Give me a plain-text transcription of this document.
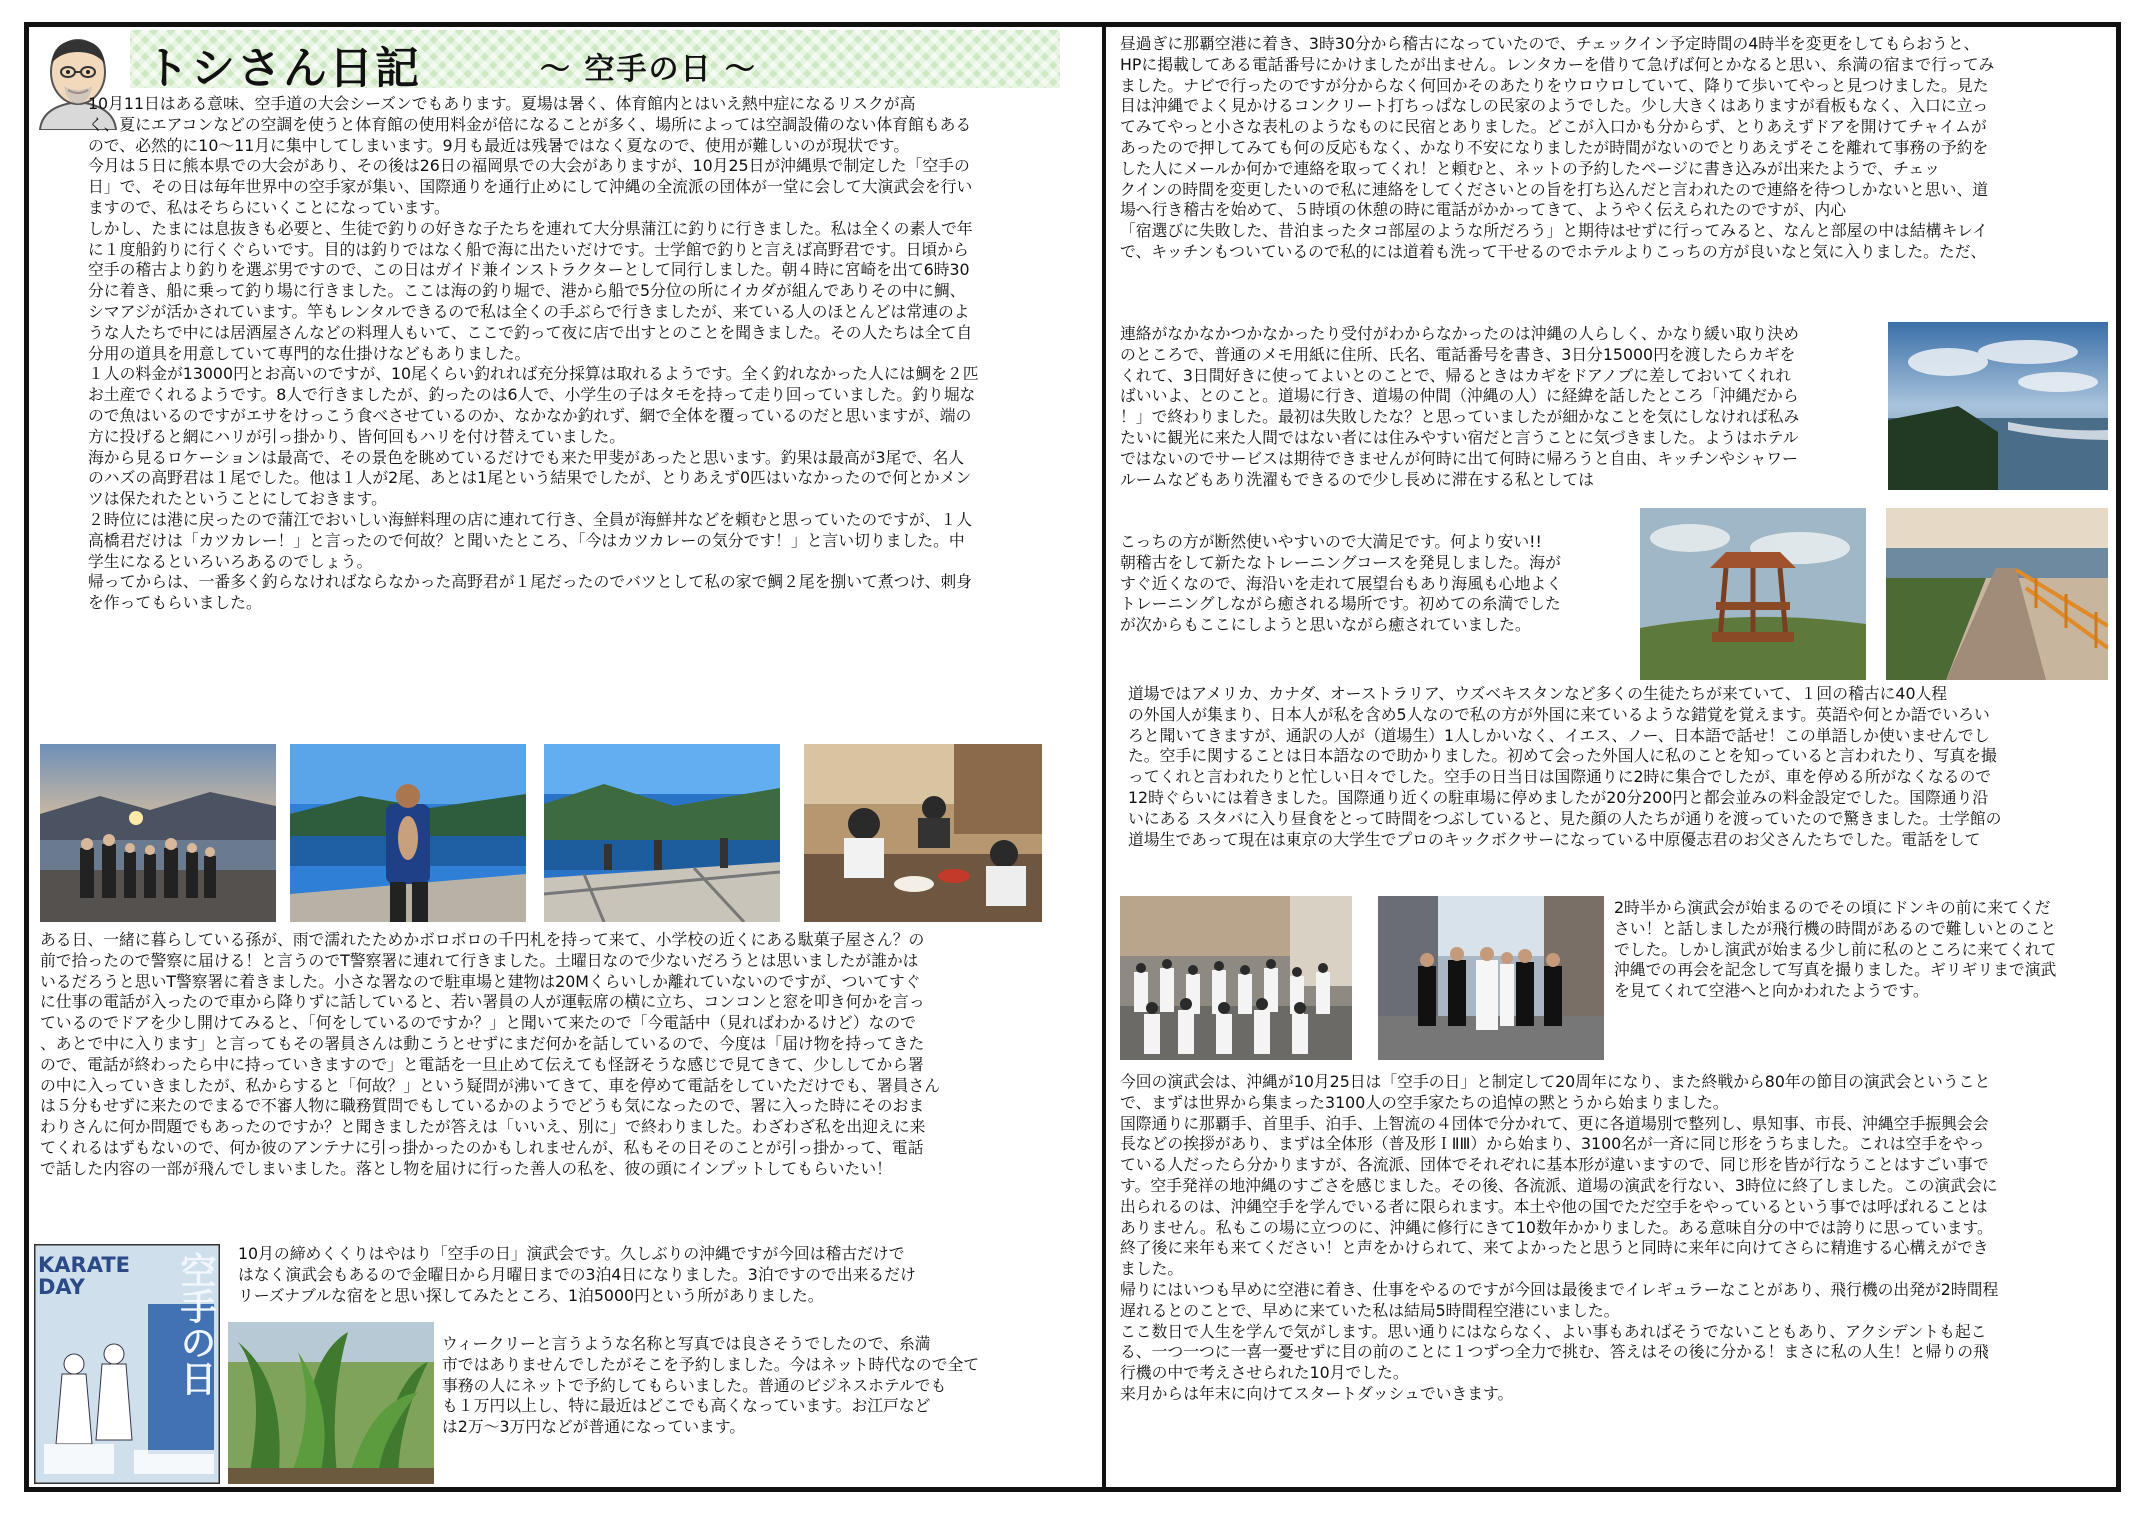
トシさん日記	～ 空手の日 ～
10月11日はある意味、空手道の大会シーズンでもあります。夏場は暑く、体育館内とはいえ熱中症になるリスクが高
く、夏にエアコンなどの空調を使うと体育館の使用料金が倍になることが多く、場所によっては空調設備のない体育館もある
ので、必然的に10～11月に集中してしまいます。9月も最近は残暑ではなく夏なので、使用が難しいのが現状です。
今月は５日に熊本県での大会があり、その後は26日の福岡県での大会がありますが、10月25日が沖縄県で制定した「空手の
日」で、その日は毎年世界中の空手家が集い、国際通りを通行止めにして沖縄の全流派の団体が一堂に会して大演武会を行い
ますので、私はそちらにいくことになっています。
しかし、たまには息抜きも必要と、生徒で釣りの好きな子たちを連れて大分県蒲江に釣りに行きました。私は全くの素人で年
に１度船釣りに行くぐらいです。目的は釣りではなく船で海に出たいだけです。士学館で釣りと言えば高野君です。日頃から
空手の稽古より釣りを選ぶ男ですので、この日はガイド兼インストラクターとして同行しました。朝４時に宮崎を出て6時30
分に着き、船に乗って釣り場に行きました。ここは海の釣り堀で、港から船で5分位の所にイカダが組んでありその中に鯛、
シマアジが活かされています。竿もレンタルできるので私は全くの手ぶらで行きましたが、来ている人のほとんどは常連のよ
うな人たちで中には居酒屋さんなどの料理人もいて、ここで釣って夜に店で出すとのことを聞きました。その人たちは全て自
分用の道具を用意していて専門的な仕掛けなどもありました。
１人の料金が13000円とお高いのですが、10尾くらい釣れれば充分採算は取れるようです。全く釣れなかった人には鯛を２匹
お土産でくれるようです。8人で行きましたが、釣ったのは6人で、小学生の子はタモを持って走り回っていました。釣り堀な
ので魚はいるのですがエサをけっこう食べさせているのか、なかなか釣れず、網で全体を覆っているのだと思いますが、端の
方に投げると網にハリが引っ掛かり、皆何回もハリを付け替えていました。
海から見るロケーションは最高で、その景色を眺めているだけでも来た甲斐があったと思います。釣果は最高が3尾で、名人
のハズの高野君は１尾でした。他は１人が2尾、あとは1尾という結果でしたが、とりあえず0匹はいなかったので何とかメン
ツは保たれたということにしておきます。
２時位には港に戻ったので蒲江でおいしい海鮮料理の店に連れて行き、全員が海鮮丼などを頼むと思っていたのですが、１人
高橋君だけは「カツカレー！」と言ったので何故？と聞いたところ、「今はカツカレーの気分です！」と言い切りました。中
学生になるといろいろあるのでしょう。
帰ってからは、一番多く釣らなければならなかった高野君が１尾だったのでバツとして私の家で鯛２尾を捌いて煮つけ、刺身
を作ってもらいました。
ある日、一緒に暮らしている孫が、雨で濡れたためかボロボロの千円札を持って来て、小学校の近くにある駄菓子屋さん？の
前で拾ったので警察に届ける！と言うのでT警察署に連れて行きました。土曜日なので少ないだろうとは思いましたが誰かは
いるだろうと思いT警察署に着きました。小さな署なので駐車場と建物は20Mくらいしか離れていないのですが、ついてすぐ
に仕事の電話が入ったので車から降りずに話していると、若い署員の人が運転席の横に立ち、コンコンと窓を叩き何かを言っ
ているのでドアを少し開けてみると、「何をしているのですか？」と聞いて来たので「今電話中（見ればわかるけど）なので
、あとで中に入ります」と言ってもその署員さんは動こうとせずにまだ何かを話しているので、今度は「届け物を持ってきた
ので、電話が終わったら中に持っていきますので」と電話を一旦止めて伝えても怪訝そうな感じで見てきて、少ししてから署
の中に入っていきましたが、私からすると「何故？」という疑問が沸いてきて、車を停めて電話をしていただけでも、署員さん
は５分もせずに来たのでまるで不審人物に職務質問でもしているかのようでどうも気になったので、署に入った時にそのおま
わりさんに何か問題でもあったのですか？と聞きましたが答えは「いいえ、別に」で終わりました。わざわざ私を出迎えに来
てくれるはずもないので、何か彼のアンテナに引っ掛かったのかもしれませんが、私もその日そのことが引っ掛かって、電話
で話した内容の一部が飛んでしまいました。落とし物を届けに行った善人の私を、彼の頭にインプットしてもらいたい！
KARATE DAY	空手の日 10月の締めくくりはやはり「空手の日」演武会です。久しぶりの沖縄ですが今回は稽古だけで
はなく演武会もあるので金曜日から月曜日までの3泊4日になりました。3泊ですので出来るだけ
リーズナブルな宿をと思い探してみたところ、1泊5000円という所がありました。
ウィークリーと言うような名称と写真では良さそうでしたので、糸満
市ではありませんでしたがそこを予約しました。今はネット時代なので全て
事務の人にネットで予約してもらいました。普通のビジネスホテルでも
も１万円以上し、特に最近はどこでも高くなっています。お江戸など
は2万～3万円などが普通になっています。
昼過ぎに那覇空港に着き、3時30分から稽古になっていたので、チェックイン予定時間の4時半を変更をしてもらおうと、
HPに掲載してある電話番号にかけましたが出ません。レンタカーを借りて急げば何とかなると思い、糸満の宿まで行ってみ
ました。ナビで行ったのですが分からなく何回かそのあたりをウロウロしていて、降りて歩いてやっと見つけました。見た
目は沖縄でよく見かけるコンクリート打ちっぱなしの民家のようでした。少し大きくはありますが看板もなく、入口に立っ
てみてやっと小さな表札のようなものに民宿とありました。どこが入口かも分からず、とりあえずドアを開けてチャイムが
あったので押してみても何の反応もなく、かなり不安になりましたが時間がないのでとりあえずそこを離れて事務の予約を
した人にメールか何かで連絡を取ってくれ！と頼むと、ネットの予約したページに書き込みが出来たようで、チェッ
クインの時間を変更したいので私に連絡をしてくださいとの旨を打ち込んだと言われたので連絡を待つしかないと思い、道
場へ行き稽古を始めて、５時頃の休憩の時に電話がかかってきて、ようやく伝えられたのですが、内心
「宿選びに失敗した、昔泊まったタコ部屋のような所だろう」と期待はせずに行ってみると、なんと部屋の中は結構キレイ
で、キッチンもついているので私的には道着も洗って干せるのでホテルよりこっちの方が良いなと気に入りました。ただ、
連絡がなかなかつかなかったり受付がわからなかったのは沖縄の人らしく、かなり緩い取り決め
のところで、普通のメモ用紙に住所、氏名、電話番号を書き、3日分15000円を渡したらカギを
くれて、3日間好きに使ってよいとのことで、帰るときはカギをドアノブに差しておいてくれれ
ばいいよ、とのこと。道場に行き、道場の仲間（沖縄の人）に経緯を話したところ「沖縄だから
！」で終わりました。最初は失敗したな？と思っていましたが細かなことを気にしなければ私み
たいに観光に来た人間ではない者には住みやすい宿だと言うことに気づきました。ようはホテル
ではないのでサービスは期待できませんが何時に出て何時に帰ろうと自由、キッチンやシャワー
ルームなどもあり洗濯もできるので少し長めに滞在する私としては
こっちの方が断然使いやすいので大満足です。何より安い!!
朝稽古をして新たなトレーニングコースを発見しました。海が
すぐ近くなので、海沿いを走れて展望台もあり海風も心地よく
トレーニングしながら癒される場所です。初めての糸満でした
が次からもここにしようと思いながら癒されていました。
道場ではアメリカ、カナダ、オーストラリア、ウズベキスタンなど多くの生徒たちが来ていて、１回の稽古に40人程
の外国人が集まり、日本人が私を含め5人なので私の方が外国に来ているような錯覚を覚えます。英語や何とか語でいろい
ろと聞いてきますが、通訳の人が（道場生）1人しかいなく、イエス、ノー、日本語で話せ！この単語しか使いませんでし
た。空手に関することは日本語なので助かりました。初めて会った外国人に私のことを知っていると言われたり、写真を撮
ってくれと言われたりと忙しい日々でした。空手の日当日は国際通りに2時に集合でしたが、車を停める所がなくなるので
12時ぐらいには着きました。国際通り近くの駐車場に停めましたが20分200円と都会並みの料金設定でした。国際通り沿
いにある スタバに入り昼食をとって時間をつぶしていると、見た顔の人たちが通りを渡っていたので驚きました。士学館の
道場生であって現在は東京の大学生でプロのキックボクサーになっている中原優志君のお父さんたちでした。電話をして
2時半から演武会が始まるのでその頃にドンキの前に来てくだ
さい！と話しましたが飛行機の時間があるので難しいとのこと
でした。しかし演武が始まる少し前に私のところに来てくれて
沖縄での再会を記念して写真を撮りました。ギリギリまで演武
を見てくれて空港へと向かわれたようです。
今回の演武会は、沖縄が10月25日は「空手の日」と制定して20周年になり、また終戦から80年の節目の演武会ということ
で、まずは世界から集まった3100人の空手家たちの追悼の黙とうから始まりました。
国際通りに那覇手、首里手、泊手、上智流の４団体で分かれて、更に各道場別で整列し、県知事、市長、沖縄空手振興会会
長などの挨拶があり、まずは全体形（普及形ＩⅡⅢ）から始まり、3100名が一斉に同じ形をうちました。これは空手をやっ
ている人だったら分かりますが、各流派、団体でそれぞれに基本形が違いますので、同じ形を皆が行なうことはすごい事で
す。空手発祥の地沖縄のすごさを感じました。その後、各流派、道場の演武を行ない、3時位に終了しました。この演武会に
出られるのは、沖縄空手を学んでいる者に限られます。本土や他の国でただ空手をやっているという事では呼ばれることは
ありません。私もこの場に立つのに、沖縄に修行にきて10数年かかりました。ある意味自分の中では誇りに思っています。
終了後に来年も来てください！と声をかけられて、来てよかったと思うと同時に来年に向けてさらに精進する心構えができ
ました。
帰りにはいつも早めに空港に着き、仕事をやるのですが今回は最後までイレギュラーなことがあり、飛行機の出発が2時間程
遅れるとのことで、早めに来ていた私は結局5時間程空港にいました。
ここ数日で人生を学んで気がします。思い通りにはならなく、よい事もあればそうでないこともあり、アクシデントも起こ
る、一つ一つに一喜一憂せずに目の前のことに１つずつ全力で挑む、答えはその後に分かる！まさに私の人生！と帰りの飛
行機の中で考えさせられた10月でした。
来月からは年末に向けてスタートダッシュでいきます。
